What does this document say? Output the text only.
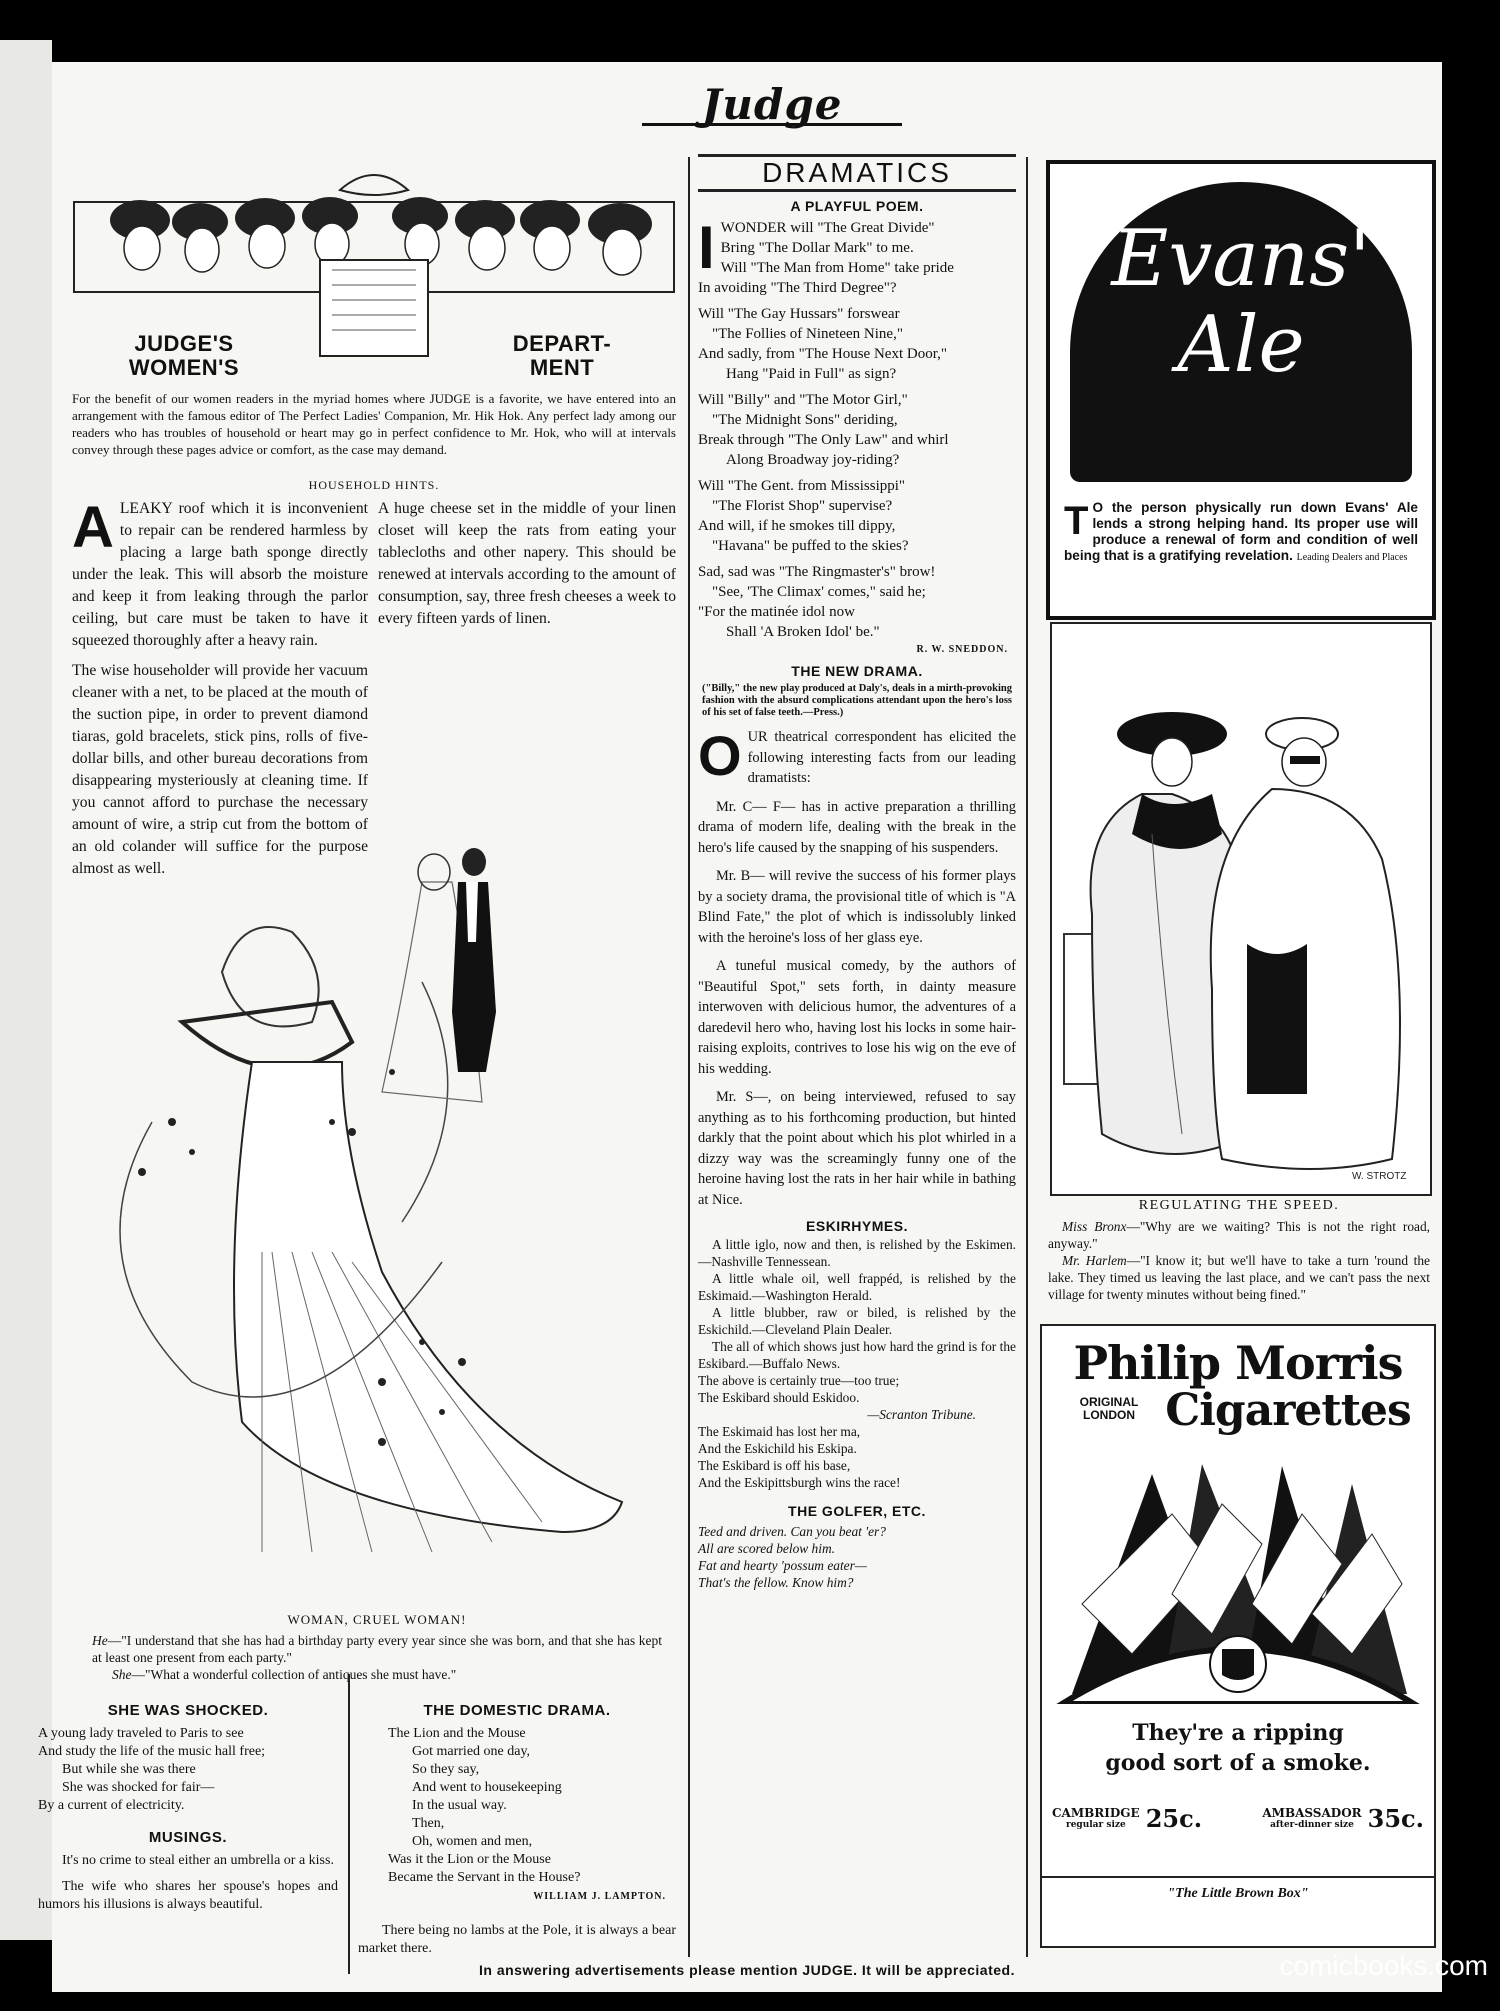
Judge
JUDGE'S
WOMEN'S
DEPART-
MENT
For the benefit of our women readers in the myriad homes where JUDGE is a favorite, we have entered into an arrangement with the famous editor of The Perfect Ladies' Companion, Mr. Hik Hok. Any perfect lady among our readers who has troubles of household or heart may go in perfect confidence to Mr. Hok, who will at intervals convey through these pages advice or comfort, as the case may demand.
HOUSEHOLD HINTS.

ALEAKY roof which it is inconvenient to repair can be rendered harmless by placing a large bath sponge directly under the leak. This will absorb the moisture and keep it from leaking through the parlor ceiling, but care must be taken to have it squeezed thoroughly after a heavy rain.

The wise householder will provide her vacuum cleaner with a net, to be placed at the mouth of the suction pipe, in order to prevent diamond tiaras, gold bracelets, stick pins, rolls of five-dollar bills, and other bureau decorations from disappearing mysteriously at cleaning time. If you cannot afford to purchase the necessary amount of wire, a strip cut from the bottom of an old colander will suffice for the purpose almost as well.

A huge cheese set in the middle of your linen closet will keep the rats from eating your tablecloths and other napery. This should be renewed at intervals according to the amount of consumption, say, three fresh cheeses a week to every fifteen yards of linen.

WOMAN, CRUEL WOMAN!
He—"I understand that she has had a birthday party every year since she was born, and that she has kept at least one present from each party."
She—"What a wonderful collection of antiques she must have."
SHE WAS SHOCKED.
A young lady traveled to Paris to see
And study the life of the music hall free;
But while she was there
She was shocked for fair—
By a current of electricity.
MUSINGS.

It's no crime to steal either an umbrella or a kiss.

The wife who shares her spouse's hopes and humors his illusions is always beautiful.

THE DOMESTIC DRAMA.
The Lion and the Mouse
Got married one day,
So they say,
And went to housekeeping
In the usual way.
Then,
Oh, women and men,
Was it the Lion or the Mouse
Became the Servant in the House?
WILLIAM J. LAMPTON.
There being no lambs at the Pole, it is always a bear market there.
DRAMATICS
A PLAYFUL POEM.
I WONDER will "The Great Divide"
Bring "The Dollar Mark" to me.
Will "The Man from Home" take pride
In avoiding "The Third Degree"?
Will "The Gay Hussars" forswear
"The Follies of Nineteen Nine,"
And sadly, from "The House Next Door,"
Hang "Paid in Full" as sign?
Will "Billy" and "The Motor Girl,"
"The Midnight Sons" deriding,
Break through "The Only Law" and whirl
Along Broadway joy-riding?
Will "The Gent. from Mississippi"
"The Florist Shop" supervise?
And will, if he smokes till dippy,
"Havana" be puffed to the skies?
Sad, sad was "The Ringmaster's" brow!
"See, 'The Climax' comes," said he;
"For the matinée idol now
Shall 'A Broken Idol' be."
R. W. SNEDDON.
THE NEW DRAMA.
("Billy," the new play produced at Daly's, deals in a mirth-provoking fashion with the absurd complications attendant upon the hero's loss of his set of false teeth.—Press.)

OUR theatrical correspondent has elicited the following interesting facts from our leading dramatists:

Mr. C— F— has in active preparation a thrilling drama of modern life, dealing with the break in the hero's life caused by the snapping of his suspenders.

Mr. B— will revive the success of his former plays by a society drama, the provisional title of which is "A Blind Fate," the plot of which is indissolubly linked with the heroine's loss of her glass eye.

A tuneful musical comedy, by the authors of "Beautiful Spot," sets forth, in dainty measure interwoven with delicious humor, the adventures of a daredevil hero who, having lost his locks in some hair-raising exploits, contrives to lose his wig on the eve of his wedding.

Mr. S—, on being interviewed, refused to say anything as to his forthcoming production, but hinted darkly that the point about which his plot whirled in a dizzy way was the screamingly funny one of the heroine having lost the rats in her hair while in bathing at Nice.

ESKIRHYMES.
A little iglo, now and then, is relished by the Eskimen.—Nashville Tennessean.
A little whale oil, well frappéd, is relished by the Eskimaid.—Washington Herald.
A little blubber, raw or biled, is relished by the Eskichild.—Cleveland Plain Dealer.
The all of which shows just how hard the grind is for the Eskibard.—Buffalo News.
The above is certainly true—too true;
The Eskibard should Eskidoo.
—Scranton Tribune.
The Eskimaid has lost her ma,
And the Eskichild his Eskipa.
The Eskibard is off his base,
And the Eskipittsburgh wins the race!
THE GOLFER, ETC.
Teed and driven. Can you beat 'er?
All are scored below him.
Fat and hearty 'possum eater—
That's the fellow. Know him?
Evans'
Ale
T O the person physically run down Evans' Ale lends a strong helping hand. Its proper use will produce a renewal of form and condition of well being that is a gratifying revelation. Leading Dealers and Places
W. STROTZ
REGULATING THE SPEED.
Miss Bronx—"Why are we waiting? This is not the right road, anyway."
Mr. Harlem—"I know it; but we'll have to take a turn 'round the lake. They timed us leaving the last place, and we can't pass the next village for twenty minutes without being fined."
Philip Morris
ORIGINAL
LONDON Cigarettes
They're a ripping
good sort of a smoke.
CAMBRIDGE
regular size 25c.	AMBASSADOR
after-dinner size 35c.
"The Little Brown Box"
In answering advertisements please mention JUDGE. It will be appreciated.	comicbooks.com
